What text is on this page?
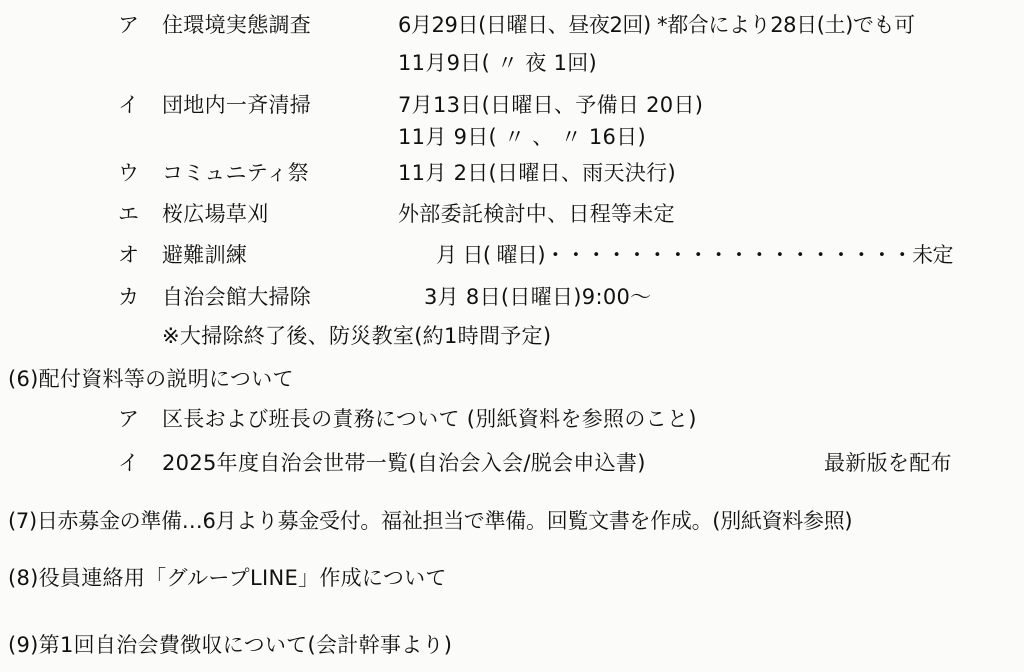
ア 住環境実態調査	6月29日(日曜日、昼夜2回) *都合により28日(土)でも可
11月9日( 〃 夜 1回)
イ 団地内一斉清掃	7月13日(日曜日、予備日 20日)
11月 9日( 〃 、 〃 16日)
ウ コミュニティ祭	11月 2日(日曜日、雨天決行)
エ 桜広場草刈	外部委託検討中、日程等未定
オ 避難訓練	月 日( 曜日)・・・・・・・・・・・・・・・・・・未定
カ 自治会館大掃除	3月 8日(日曜日)9:00〜
※大掃除終了後、防災教室(約1時間予定)
(6)配付資料等の説明について
ア 区長および班長の責務について (別紙資料を参照のこと)
イ 2025年度自治会世帯一覧(自治会入会/脱会申込書)	最新版を配布
(7)日赤募金の準備…6月より募金受付。福祉担当で準備。回覧文書を作成。(別紙資料参照)
(8)役員連絡用「グループLINE」作成について
(9)第1回自治会費徴収について(会計幹事より)
